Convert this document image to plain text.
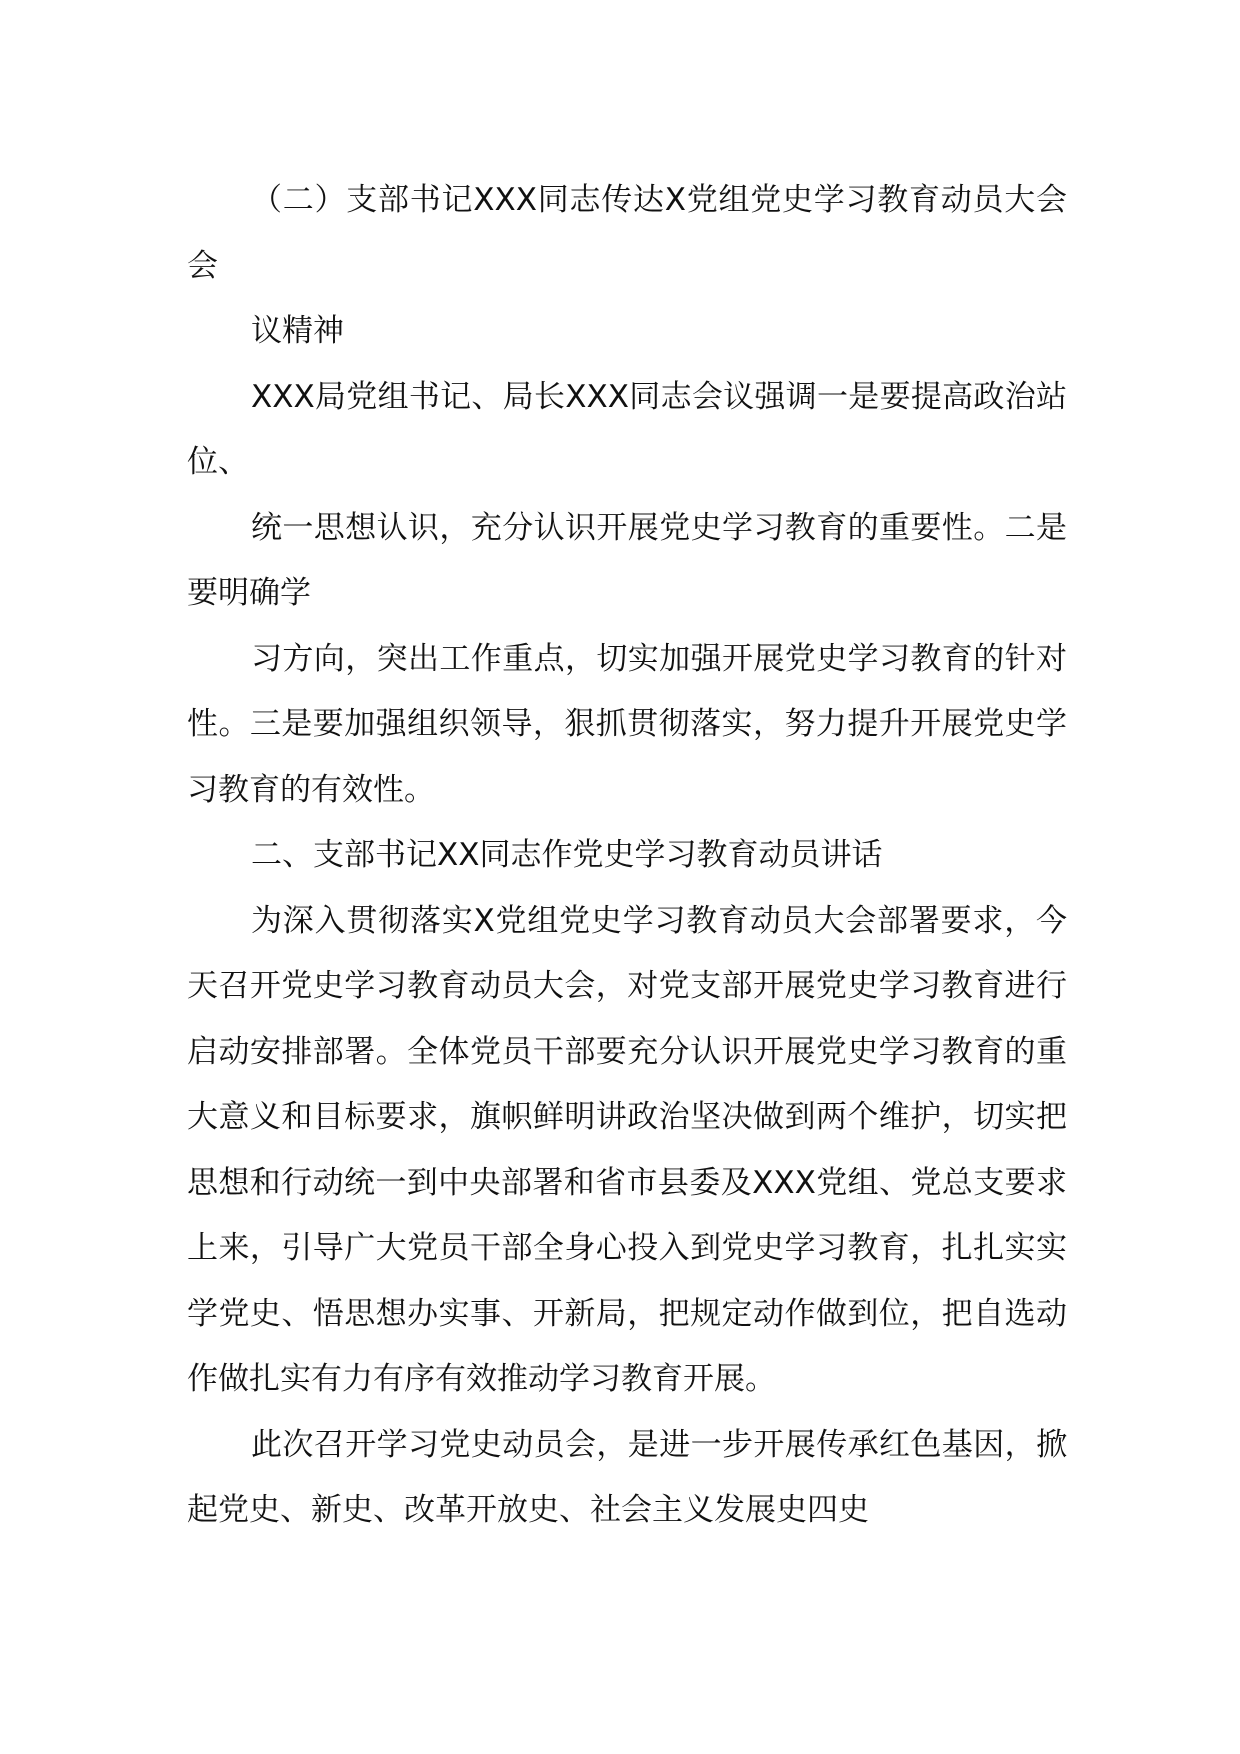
（二）支部书记XXX同志传达X党组党史学习教育动员大会会

议精神

XXX局党组书记、局长XXX同志会议强调一是要提高政治站位、

统一思想认识，充分认识开展党史学习教育的重要性。二是要明确学

习方向，突出工作重点，切实加强开展党史学习教育的针对性。三是要加强组织领导，狠抓贯彻落实，努力提升开展党史学习教育的有效性。

二、支部书记XX同志作党史学习教育动员讲话

为深入贯彻落实X党组党史学习教育动员大会部署要求，今天召开党史学习教育动员大会，对党支部开展党史学习教育进行启动安排部署。全体党员干部要充分认识开展党史学习教育的重大意义和目标要求，旗帜鲜明讲政治坚决做到两个维护，切实把思想和行动统一到中央部署和省市县委及XXX党组、党总支要求上来，引导广大党员干部全身心投入到党史学习教育，扎扎实实学党史、悟思想办实事、开新局，把规定动作做到位，把自选动作做扎实有力有序有效推动学习教育开展。

此次召开学习党史动员会，是进一步开展传承红色基因，掀起党史、新史、改革开放史、社会主义发展史四史
